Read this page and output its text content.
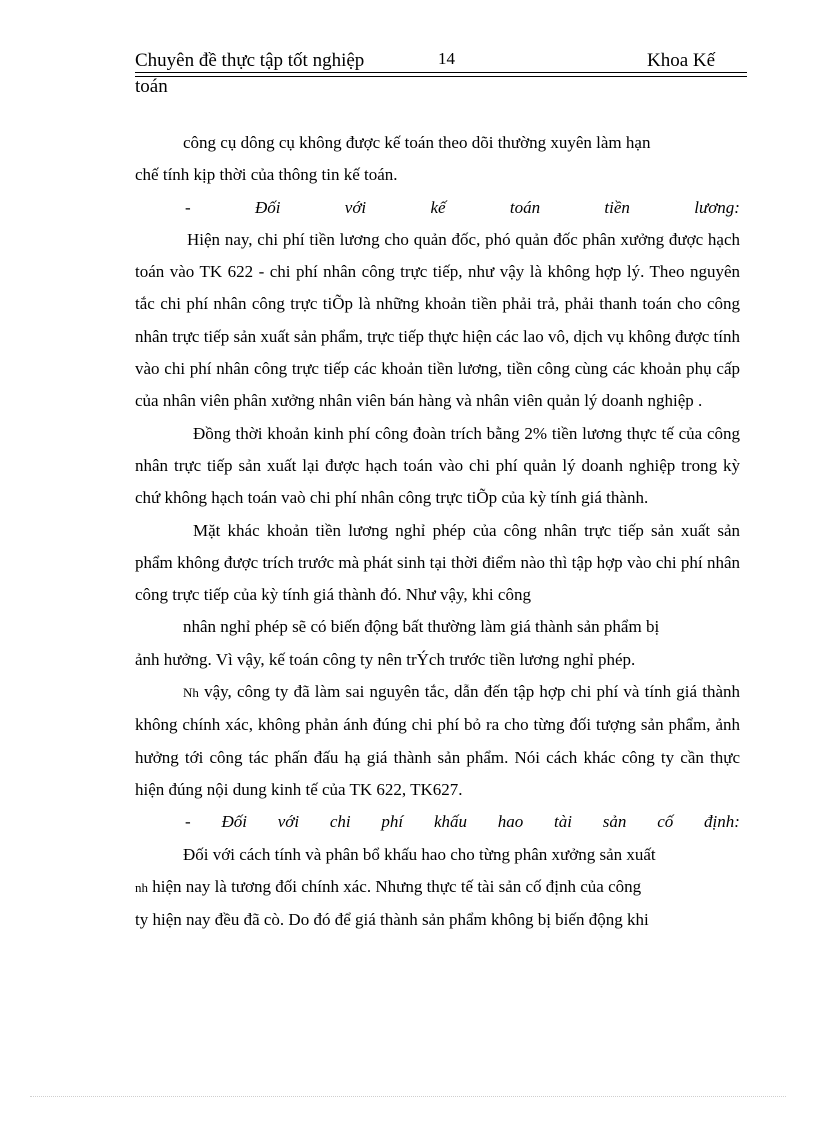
Chuyên đề thực tập tốt nghiệp	14	Khoa Kế
toán

công cụ dông cụ không được kế toán theo dõi thường xuyên làm hạn

chế tính kịp thời của thông tin kế toán.

-	Đối	với	kế	toán	tiền	lương:

Hiện nay, chi phí tiền lương cho quản đốc, phó quản đốc phân xưởng được hạch toán vào TK 622 - chi phí nhân công trực tiếp, như vậy là không hợp lý. Theo nguyên tắc chi phí nhân công trực tiÕp là những khoản tiền phải trả, phải thanh toán cho công nhân trực tiếp sản xuất sản phẩm, trực tiếp thực hiện các lao vô, dịch vụ không được tính vào chi phí nhân công trực tiếp các khoản tiền lương, tiền công cùng các khoản phụ cấp của nhân viên phân xưởng nhân viên bán hàng và nhân viên quản lý doanh nghiệp .

Đồng thời khoản kinh phí công đoàn trích bằng 2% tiền lương thực tế của công nhân trực tiếp sản xuất lại được hạch toán vào chi phí quản lý doanh nghiệp trong kỳ chứ không hạch toán vaò chi phí nhân công trực tiÕp của kỳ tính giá thành.

Mặt khác khoản tiền lương nghỉ phép của công nhân trực tiếp sản xuất sản phẩm không được trích trước mà phát sinh tại thời điểm nào thì tập hợp vào chi phí nhân công trực tiếp của kỳ tính giá thành đó. Như vậy, khi công

nhân nghỉ phép sẽ có biến động bất thường làm giá thành sản phẩm bị

ảnh hưởng. Vì vậy, kế toán công ty nên trÝch trước tiền lương nghỉ phép.

Nh vậy, công ty đã làm sai nguyên tắc, dẫn đến tập hợp chi phí và tính giá thành không chính xác, không phản ánh đúng chi phí bỏ ra cho từng đối tượng sản phẩm, ảnh hưởng tới công tác phấn đấu hạ giá thành sản phẩm. Nói cách khác công ty cần thực hiện đúng nội dung kinh tế của TK 622, TK627.

- Đối với chi phí khấu hao tài sản cố định:

Đối với cách tính và phân bổ khấu hao cho từng phân xưởng sản xuất

nh hiện nay là tương đối chính xác. Nhưng thực tế tài sản cố định của công

ty hiện nay đều đã cò. Do đó để giá thành sản phẩm không bị biến động khi
